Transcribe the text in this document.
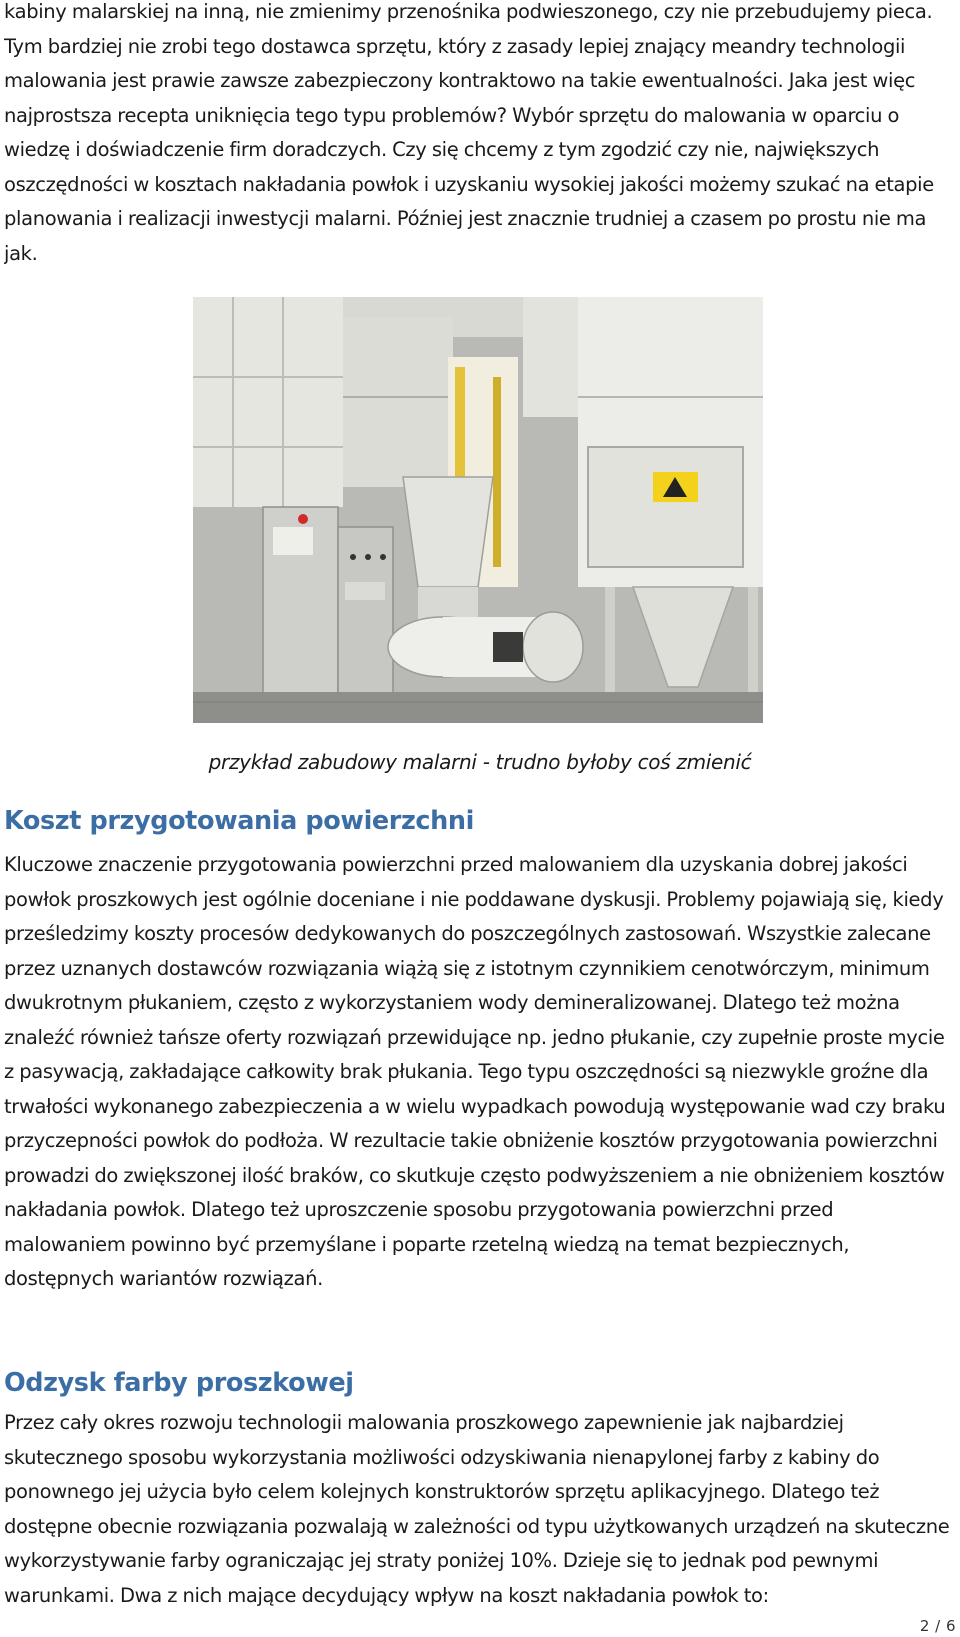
kabiny malarskiej na inną, nie zmienimy przenośnika podwieszonego, czy nie przebudujemy pieca. Tym bardziej nie zrobi tego dostawca sprzętu, który z zasady lepiej znający meandry technologii malowania jest prawie zawsze zabezpieczony kontraktowo na takie ewentualności. Jaka jest więc najprostsza recepta uniknięcia tego typu problemów? Wybór sprzętu do malowania w oparciu o wiedzę i doświadczenie firm doradczych. Czy się chcemy z tym zgodzić czy nie, największych oszczędności w kosztach nakładania powłok i uzyskaniu wysokiej jakości możemy szukać na etapie planowania i realizacji inwestycji malarni. Później jest znacznie trudniej a czasem po prostu nie ma jak.

przykład zabudowy malarni - trudno byłoby coś zmienić
Koszt przygotowania powierzchni

Kluczowe znaczenie przygotowania powierzchni przed malowaniem dla uzyskania dobrej jakości powłok proszkowych jest ogólnie doceniane i nie poddawane dyskusji. Problemy pojawiają się, kiedy prześledzimy koszty procesów dedykowanych do poszczególnych zastosowań. Wszystkie zalecane przez uznanych dostawców rozwiązania wiążą się z istotnym czynnikiem cenotwórczym, minimum dwukrotnym płukaniem, często z wykorzystaniem wody demineralizowanej. Dlatego też można znaleźć również tańsze oferty rozwiązań przewidujące np. jedno płukanie, czy zupełnie proste mycie z pasywacją, zakładające całkowity brak płukania. Tego typu oszczędności są niezwykle groźne dla trwałości wykonanego zabezpieczenia a w wielu wypadkach powodują występowanie wad czy braku przyczepności powłok do podłoża. W rezultacie takie obniżenie kosztów przygotowania powierzchni prowadzi do zwiększonej ilość braków, co skutkuje często podwyższeniem a nie obniżeniem kosztów nakładania powłok. Dlatego też uproszczenie sposobu przygotowania powierzchni przed malowaniem powinno być przemyślane i poparte rzetelną wiedzą na temat bezpiecznych, dostępnych wariantów rozwiązań.

Odzysk farby proszkowej

Przez cały okres rozwoju technologii malowania proszkowego zapewnienie jak najbardziej skutecznego sposobu wykorzystania możliwości odzyskiwania nienapylonej farby z kabiny do ponownego jej użycia było celem kolejnych konstruktorów sprzętu aplikacyjnego. Dlatego też dostępne obecnie rozwiązania pozwalają w zależności od typu użytkowanych urządzeń na skuteczne wykorzystywanie farby ograniczając jej straty poniżej 10%. Dzieje się to jednak pod pewnymi warunkami. Dwa z nich mające decydujący wpływ na koszt nakładania powłok to:

2 / 6
